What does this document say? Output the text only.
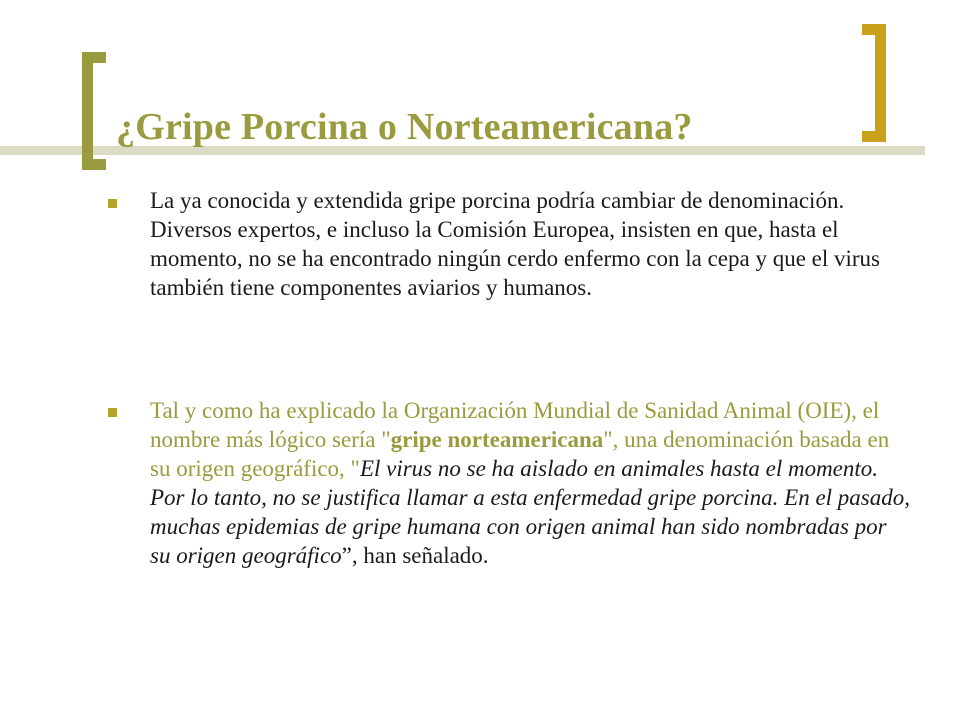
¿Gripe Porcina o Norteamericana?

La ya conocida y extendida gripe porcina podría cambiar de denominación. Diversos expertos, e incluso la Comisión Europea, insisten en que, hasta el momento, no se ha encontrado ningún cerdo enfermo con la cepa y que el virus también tiene componentes aviarios y humanos.

Tal y como ha explicado la Organización Mundial de Sanidad Animal (OIE), el nombre más lógico sería "gripe norteamericana", una denominación basada en su origen geográfico, "El virus no se ha aislado en animales hasta el momento. Por lo tanto, no se justifica llamar a esta enfermedad gripe porcina. En el pasado, muchas epidemias de gripe humana con origen animal han sido nombradas por su origen geográfico”, han señalado.
